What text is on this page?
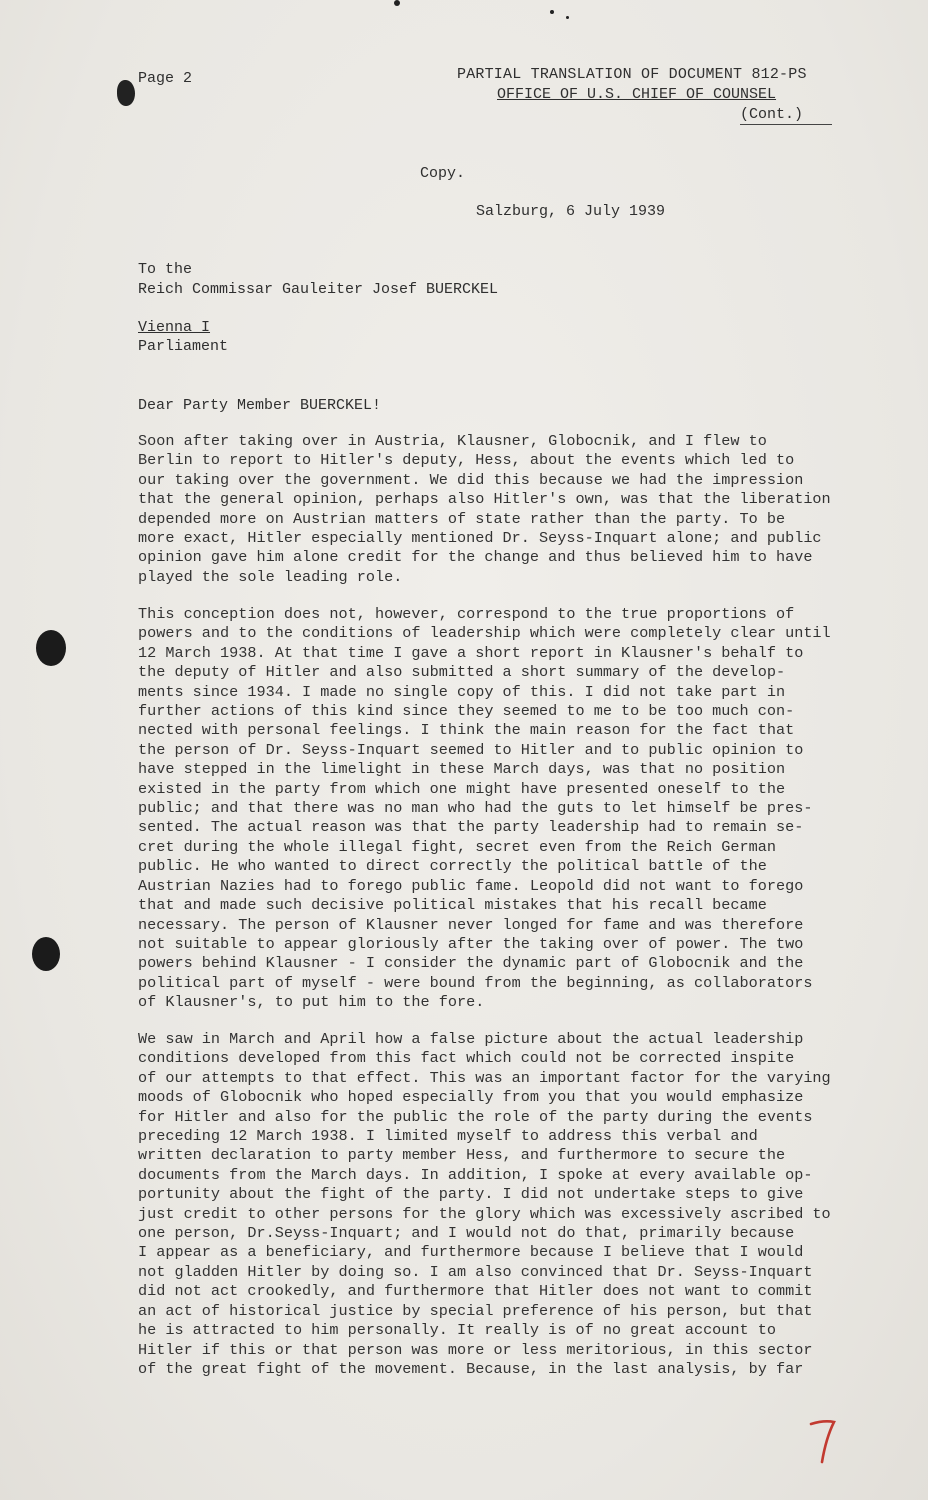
Page 2	PARTIAL TRANSLATION OF DOCUMENT 812-PS
OFFICE OF U.S. CHIEF OF COUNSEL
(Cont.)
Copy.
Salzburg, 6 July 1939
To the
Reich Commissar Gauleiter Josef BUERCKEL
Vienna I
Parliament
Dear Party Member BUERCKEL!
Soon after taking over in Austria, Klausner, Globocnik, and I flew to
Berlin to report to Hitler's deputy, Hess, about the events which led to
our taking over the government. We did this because we had the impression
that the general opinion, perhaps also Hitler's own, was that the liberation
depended more on Austrian matters of state rather than the party. To be
more exact, Hitler especially mentioned Dr. Seyss-Inquart alone; and public
opinion gave him alone credit for the change and thus believed him to have
played the sole leading role.
This conception does not, however, correspond to the true proportions of
powers and to the conditions of leadership which were completely clear until
12 March 1938. At that time I gave a short report in Klausner's behalf to
the deputy of Hitler and also submitted a short summary of the develop-
ments since 1934. I made no single copy of this. I did not take part in
further actions of this kind since they seemed to me to be too much con-
nected with personal feelings. I think the main reason for the fact that
the person of Dr. Seyss-Inquart seemed to Hitler and to public opinion to
have stepped in the limelight in these March days, was that no position
existed in the party from which one might have presented oneself to the
public; and that there was no man who had the guts to let himself be pres-
sented. The actual reason was that the party leadership had to remain se-
cret during the whole illegal fight, secret even from the Reich German
public. He who wanted to direct correctly the political battle of the
Austrian Nazies had to forego public fame. Leopold did not want to forego
that and made such decisive political mistakes that his recall became
necessary. The person of Klausner never longed for fame and was therefore
not suitable to appear gloriously after the taking over of power. The two
powers behind Klausner - I consider the dynamic part of Globocnik and the
political part of myself - were bound from the beginning, as collaborators
of Klausner's, to put him to the fore.
We saw in March and April how a false picture about the actual leadership
conditions developed from this fact which could not be corrected inspite
of our attempts to that effect. This was an important factor for the varying
moods of Globocnik who hoped especially from you that you would emphasize
for Hitler and also for the public the role of the party during the events
preceding 12 March 1938. I limited myself to address this verbal and
written declaration to party member Hess, and furthermore to secure the
documents from the March days. In addition, I spoke at every available op-
portunity about the fight of the party. I did not undertake steps to give
just credit to other persons for the glory which was excessively ascribed to
one person, Dr.Seyss-Inquart; and I would not do that, primarily because
I appear as a beneficiary, and furthermore because I believe that I would
not gladden Hitler by doing so. I am also convinced that Dr. Seyss-Inquart
did not act crookedly, and furthermore that Hitler does not want to commit
an act of historical justice by special preference of his person, but that
he is attracted to him personally. It really is of no great account to
Hitler if this or that person was more or less meritorious, in this sector
of the great fight of the movement. Because, in the last analysis, by far
